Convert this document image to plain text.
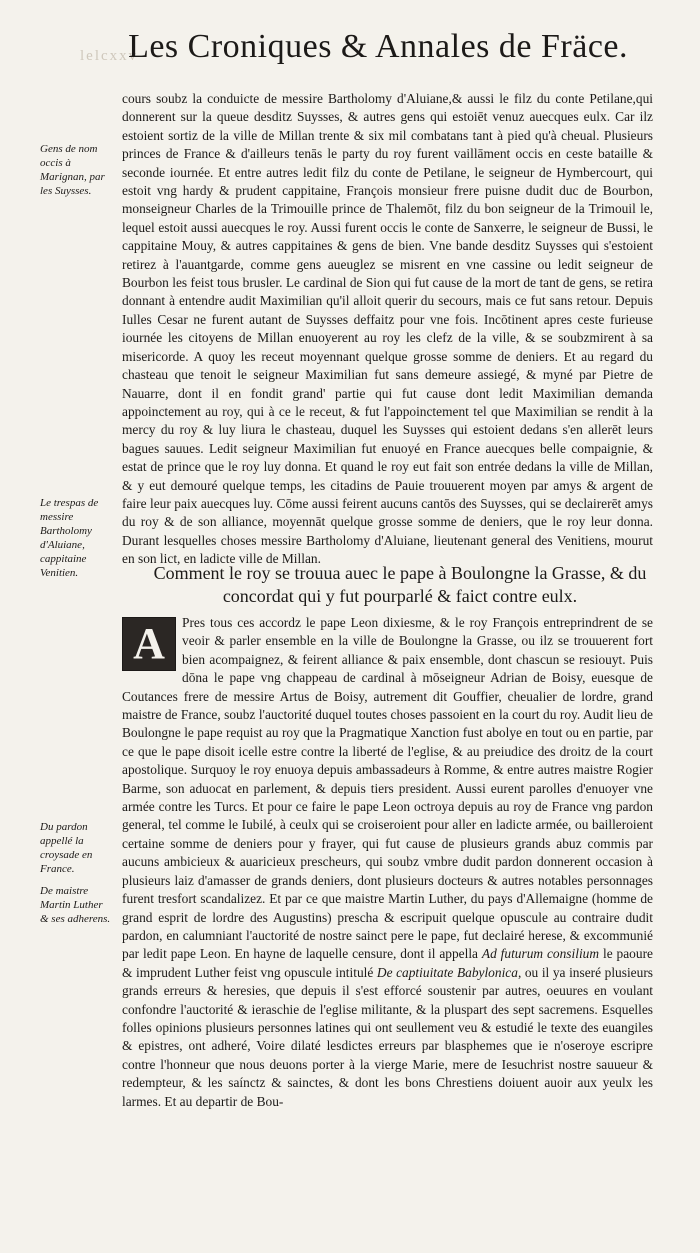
lelcxxv
Les Croniques & Annales de Fräce.
Gens de nom occis à Marignan, par les Suysses.
Le trespas de messire Bartholomy d'Aluiane, cappitaine Venitien.
Du pardon appellé la croysade en France.
De maistre Martin Luther & ses adherens.

cours soubz la conduicte de messire Bartholomy d'Aluiane,& aussi le filz du conte Petilane,qui donnerent sur la queue desditz Suysses, & autres gens qui estoiēt venuz auecques eulx. Car ilz estoient sortiz de la ville de Millan trente & six mil combatans tant à pied qu'à cheual. Plusieurs princes de France & d'ailleurs tenās le party du roy furent vaillāment occis en ceste bataille & seconde iournée. Et entre autres ledit filz du conte de Petilane, le seigneur de Hymbercourt, qui estoit vng hardy & prudent cappitaine, François monsieur frere puisne dudit duc de Bourbon, monseigneur Charles de la Trimouille prince de Thalemōt, filz du bon seigneur de la Trimouil le, lequel estoit aussi auecques le roy. Aussi furent occis le conte de Sanxerre, le seigneur de Bussi, le cappitaine Mouy, & autres cappitaines & gens de bien. Vne bande desditz Suysses qui s'estoient retirez à l'auantgarde, comme gens aueuglez se misrent en vne cassine ou ledit seigneur de Bourbon les feist tous brusler. Le cardinal de Sion qui fut cause de la mort de tant de gens, se retira donnant à entendre audit Maximilian qu'il alloit querir du secours, mais ce fut sans retour. Depuis Iulles Cesar ne furent autant de Suysses deffaitz pour vne fois. Incōtinent apres ceste furieuse iournée les citoyens de Millan enuoyerent au roy les clefz de la ville, & se soubzmirent à sa misericorde. A quoy les receut moyennant quelque grosse somme de deniers. Et au regard du chasteau que tenoit le seigneur Maximilian fut sans demeure assiegé, & myné par Pietre de Nauarre, dont il en fondit grand' partie qui fut cause dont ledit Maximilian demanda appoinctement au roy, qui à ce le receut, & fut l'appoinctement tel que Maximilian se rendit à la mercy du roy & luy liura le chasteau, duquel les Suysses qui estoient dedans s'en allerēt leurs bagues sauues. Ledit seigneur Maximilian fut enuoyé en France auecques belle compaignie, & estat de prince que le roy luy donna. Et quand le roy eut fait son entrée dedans la ville de Millan, & y eut demouré quelque temps, les citadins de Pauie trouuerent moyen par amys & argent de faire leur paix auecques luy. Cōme aussi feirent aucuns cantōs des Suysses, qui se declairerēt amys du roy & de son alliance, moyennāt quelque grosse somme de deniers, que le roy leur donna. Durant lesquelles choses messire Bartholomy d'Aluiane, lieutenant general des Venitiens, mourut en son lict, en ladicte ville de Millan.

Comment le roy se trouua auec le pape à Boulongne la Grasse, & du concordat qui y fut pourparlé & faict contre eulx.
A	Pres tous ces accordz le pape Leon dixiesme, & le roy François entreprindrent de se veoir & parler ensemble en la ville de Boulongne la Grasse, ou ilz se trouuerent fort bien acompaignez, & feirent alliance & paix ensemble, dont chascun se resiouyt. Puis dōna le pape vng chappeau de cardinal à mōseigneur Adrian de Boisy, euesque de Coutances frere de messire Artus de Boisy, autrement dit Gouffier, cheualier de lordre, grand maistre de France, soubz l'auctorité duquel toutes choses passoient en la court du roy. Audit lieu de Boulongne le pape requist au roy que la Pragmatique Xanction fust abolye en tout ou en partie, par ce que le pape disoit icelle estre contre la liberté de l'eglise, & au preiudice des droitz de la court apostolique. Surquoy le roy enuoya depuis ambassadeurs à Romme, & entre autres maistre Rogier Barme, son aduocat en parlement, & depuis tiers president. Aussi eurent parolles d'enuoyer vne armée contre les Turcs. Et pour ce faire le pape Leon octroya depuis au roy de France vng pardon general, tel comme le Iubilé, à ceulx qui se croiseroient pour aller en ladicte armée, ou bailleroient certaine somme de deniers pour y frayer, qui fut cause de plusieurs grands abuz commis par aucuns ambicieux & auaricieux prescheurs, qui soubz vmbre dudit pardon donnerent occasion à plusieurs laiz d'amasser de grands deniers, dont plusieurs docteurs & autres notables personnages furent tresfort scandalizez. Et par ce que maistre Martin Luther, du pays d'Allemaigne (homme de grand esprit de lordre des Augustins) prescha & escripuit quelque opuscule au contraire dudit pardon, en calumniant l'auctorité de nostre sainct pere le pape, fut declairé herese, & excommunié par ledit pape Leon. En hayne de laquelle censure, dont il appella Ad futurum consilium le paoure & imprudent Luther feist vng opuscule intitulé De captiuitate Babylonica, ou il ya inseré plusieurs grands erreurs & heresies, que depuis il s'est efforcé soustenir par autres, oeuures en voulant confondre l'auctorité & ieraschie de l'eglise militante, & la pluspart des sept sacremens. Esquelles folles opinions plusieurs personnes latines qui ont seullement veu & estudié le texte des euangiles & epistres, ont adheré, Voire dilaté lesdictes erreurs par blasphemes que ie n'oseroye escripre contre l'honneur que nous deuons porter à la vierge Marie, mere de Iesuchrist nostre sauueur & redempteur, & les saínctz & sainctes, & dont les bons Chrestiens doiuent auoir aux yeulx les larmes. Et au departir de Bou-
